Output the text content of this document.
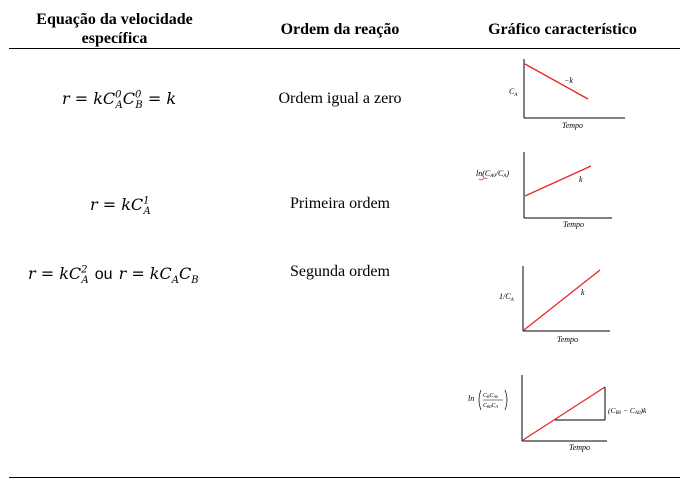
Equação da velocidade específica
Ordem da reação	Gráfico característico
$r = kC^0_AC^0_B = k$
$r = kC^1_A$
$r = kC^2_A$ ou $r = kC_AC_B$
Ordem igual a zero
Primeira ordem
Segunda ordem
$C_A$
−k
Tempo
ln(CA0/CA)
k
Tempo
$1/C_A$
k
Tempo
ln CBCA0
CB0CA	(CB0 − CA0)k
Tempo
